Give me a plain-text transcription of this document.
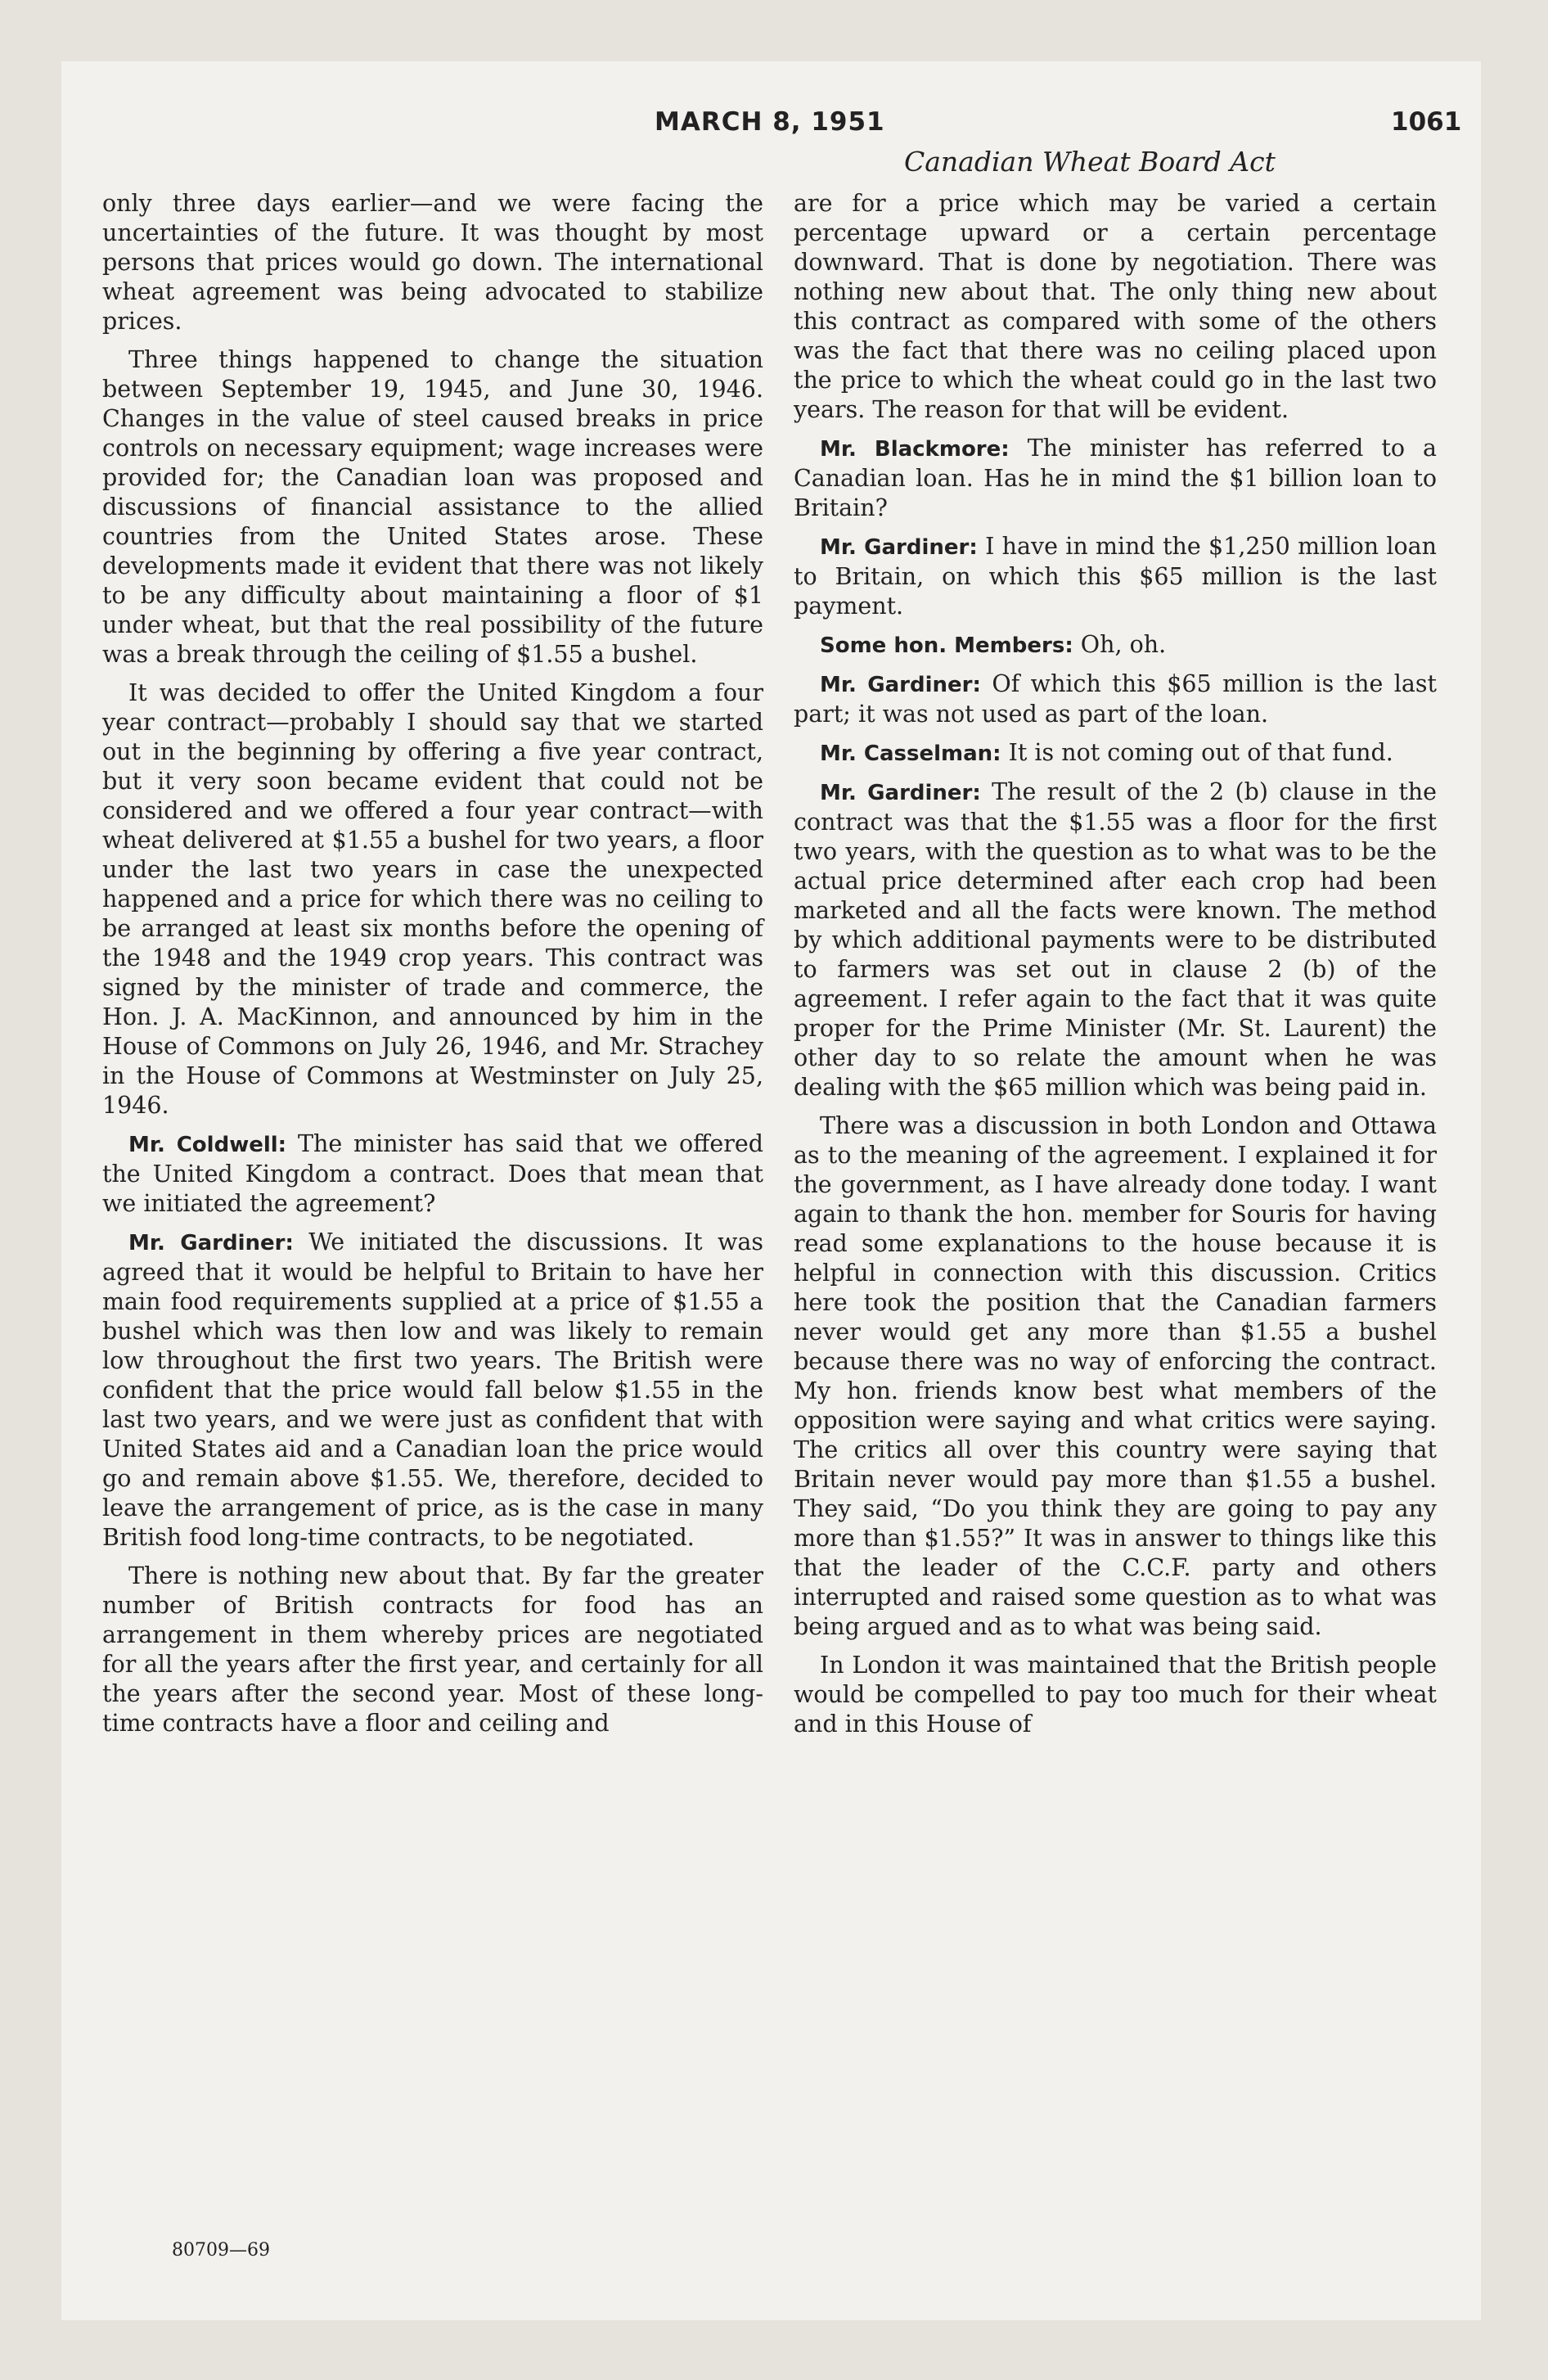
MARCH 8, 1951	1061
Canadian Wheat Board Act

only three days earlier—and we were facing the uncertainties of the future. It was thought by most persons that prices would go down. The international wheat agreement was being advocated to stabilize prices.

Three things happened to change the situation between September 19, 1945, and June 30, 1946. Changes in the value of steel caused breaks in price controls on necessary equipment; wage increases were provided for; the Canadian loan was proposed and discussions of financial assistance to the allied countries from the United States arose. These developments made it evident that there was not likely to be any difficulty about maintaining a floor of $1 under wheat, but that the real possibility of the future was a break through the ceiling of $1.55 a bushel.

It was decided to offer the United Kingdom a four year contract—probably I should say that we started out in the beginning by offering a five year contract, but it very soon became evident that could not be considered and we offered a four year contract—with wheat delivered at $1.55 a bushel for two years, a floor under the last two years in case the unexpected happened and a price for which there was no ceiling to be arranged at least six months before the opening of the 1948 and the 1949 crop years. This contract was signed by the minister of trade and commerce, the Hon. J. A. MacKinnon, and announced by him in the House of Commons on July 26, 1946, and Mr. Strachey in the House of Commons at Westminster on July 25, 1946.

Mr. Coldwell: The minister has said that we offered the United Kingdom a contract. Does that mean that we initiated the agreement?

Mr. Gardiner: We initiated the discussions. It was agreed that it would be helpful to Britain to have her main food requirements supplied at a price of $1.55 a bushel which was then low and was likely to remain low throughout the first two years. The British were confident that the price would fall below $1.55 in the last two years, and we were just as confident that with United States aid and a Canadian loan the price would go and remain above $1.55. We, therefore, decided to leave the arrangement of price, as is the case in many British food long-time contracts, to be negotiated.

There is nothing new about that. By far the greater number of British contracts for food has an arrangement in them whereby prices are negotiated for all the years after the first year, and certainly for all the years after the second year. Most of these long-time contracts have a floor and ceiling and

are for a price which may be varied a certain percentage upward or a certain percentage downward. That is done by negotiation. There was nothing new about that. The only thing new about this contract as compared with some of the others was the fact that there was no ceiling placed upon the price to which the wheat could go in the last two years. The reason for that will be evident.

Mr. Blackmore: The minister has referred to a Canadian loan. Has he in mind the $1 billion loan to Britain?

Mr. Gardiner: I have in mind the $1,250 million loan to Britain, on which this $65 million is the last payment.

Some hon. Members: Oh, oh.

Mr. Gardiner: Of which this $65 million is the last part; it was not used as part of the loan.

Mr. Casselman: It is not coming out of that fund.

Mr. Gardiner: The result of the 2 (b) clause in the contract was that the $1.55 was a floor for the first two years, with the question as to what was to be the actual price determined after each crop had been marketed and all the facts were known. The method by which additional payments were to be distributed to farmers was set out in clause 2 (b) of the agreement. I refer again to the fact that it was quite proper for the Prime Minister (Mr. St. Laurent) the other day to so relate the amount when he was dealing with the $65 million which was being paid in.

There was a discussion in both London and Ottawa as to the meaning of the agreement. I explained it for the government, as I have already done today. I want again to thank the hon. member for Souris for having read some explanations to the house because it is helpful in connection with this discussion. Critics here took the position that the Canadian farmers never would get any more than $1.55 a bushel because there was no way of enforcing the contract. My hon. friends know best what members of the opposition were saying and what critics were saying. The critics all over this country were saying that Britain never would pay more than $1.55 a bushel. They said, “Do you think they are going to pay any more than $1.55?” It was in answer to things like this that the leader of the C.C.F. party and others interrupted and raised some question as to what was being argued and as to what was being said.

In London it was maintained that the British people would be compelled to pay too much for their wheat and in this House of

80709—69
